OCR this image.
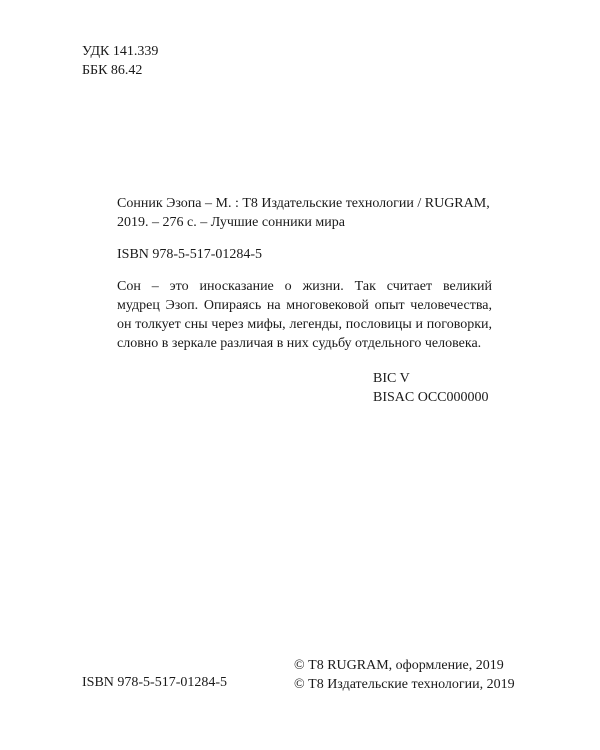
УДК 141.339
ББК 86.42
Сонник Эзопа – М. : Т8 Издательские технологии / RUGRAM,
2019. – 276 с. – Лучшие сонники мира
ISBN 978-5-517-01284-5
Сон – это иносказание о жизни. Так считает великий
мудрец Эзоп. Опираясь на многовековой опыт человечества,
он толкует сны через мифы, легенды, пословицы и поговорки,
словно в зеркале различая в них судьбу отдельного человека.
BIC V
BISAC OCC000000
ISBN 978-5-517-01284-5
© Т8 RUGRAM, оформление, 2019
© Т8 Издательские технологии, 2019
